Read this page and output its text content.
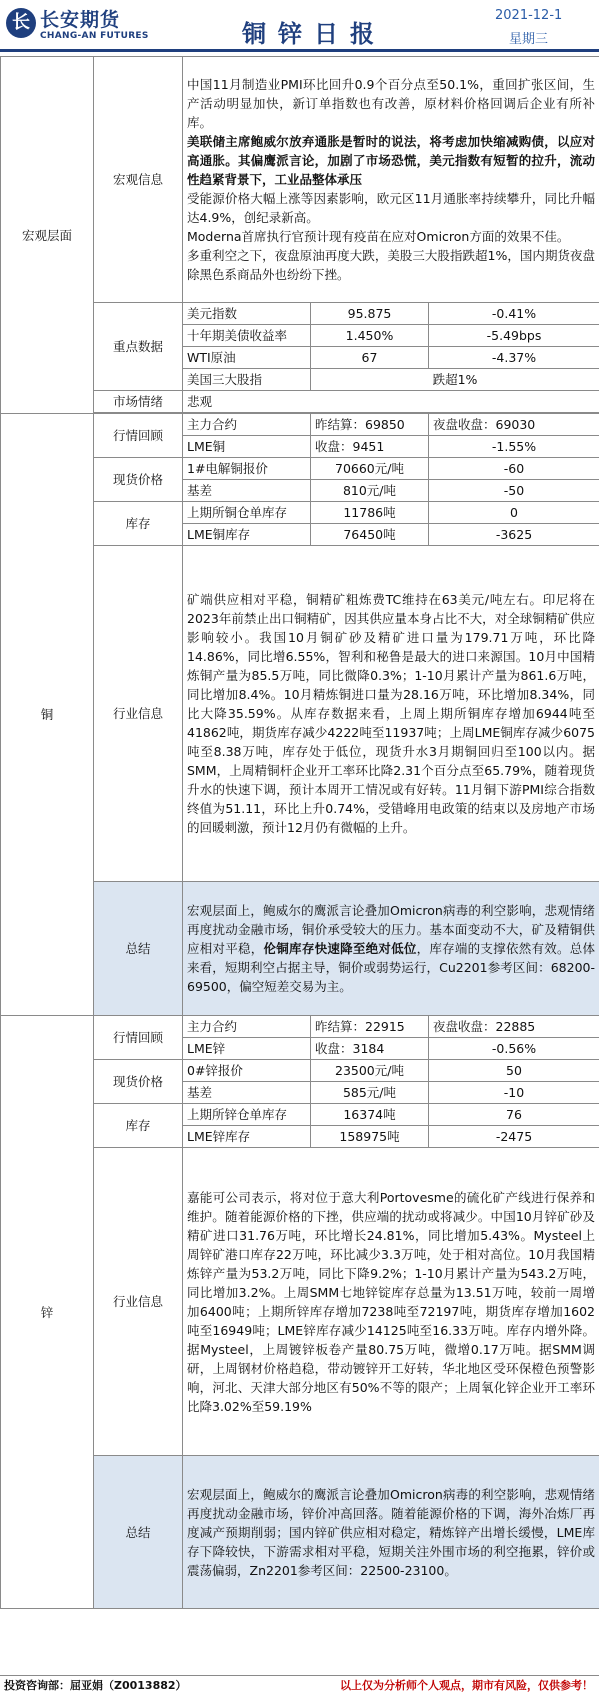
长 长安期货
CHANG-AN FUTURES	铜锌日报
2021-12-1
星期三
宏观层面	宏观信息	中国11月制造业PMI环比回升0.9个百分点至50.1%，重回扩张区间，生产活动明显加快，新订单指数也有改善，原材料价格回调后企业有所补库。
美联储主席鲍威尔放弃通胀是暂时的说法，将考虑加快缩减购债，以应对高通胀。其偏鹰派言论，加剧了市场恐慌，美元指数有短暂的拉升，流动性趋紧背景下，工业品整体承压
受能源价格大幅上涨等因素影响，欧元区11月通胀率持续攀升，同比升幅达4.9%，创纪录新高。
Moderna首席执行官预计现有疫苗在应对Omicron方面的效果不佳。
多重利空之下，夜盘原油再度大跌，美股三大股指跌超1%，国内期货夜盘除黑色系商品外也纷纷下挫。		

	重点数据	美元指数	95.875	-0.41%
		十年期美债收益率	1.450%	-5.49bps
		WTI原油	67	-4.37%
		美国三大股指	跌超1%	
	市场情绪	悲观		

铜	行情回顾	主力合约	昨结算：69850	夜盘收盘：69030
		LME铜	收盘：9451	-1.55%
	现货价格	1#电解铜报价	70660元/吨	-60
		基差	810元/吨	-50
	库存	上期所铜仓单库存	11786吨	0
		LME铜库存	76450吨	-3625
	行业信息	矿端供应相对平稳，铜精矿粗炼费TC维持在63美元/吨左右。印尼将在2023年前禁止出口铜精矿，因其供应量本身占比不大，对全球铜精矿供应影响较小。我国10月铜矿砂及精矿进口量为179.71万吨，环比降14.86%，同比增6.55%，智利和秘鲁是最大的进口来源国。10月中国精炼铜产量为85.5万吨，同比微降0.3%；1-10月累计产量为861.6万吨，同比增加8.4%。10月精炼铜进口量为28.16万吨，环比增加8.34%，同比大降35.59%。从库存数据来看，上周上期所铜库存增加6944吨至41862吨，期货库存减少4222吨至11937吨；上周LME铜库存减少6075吨至8.38万吨，库存处于低位，现货升水3月期铜回归至100以内。据SMM，上周精铜杆企业开工率环比降2.31个百分点至65.79%，随着现货升水的快速下调，预计本周开工情况或有好转。11月铜下游PMI综合指数终值为51.11，环比上升0.74%，受错峰用电政策的结束以及房地产市场的回暖刺激，预计12月仍有微幅的上升。		
	总结	宏观层面上，鲍威尔的鹰派言论叠加Omicron病毒的利空影响，悲观情绪再度扰动金融市场，铜价承受较大的压力。基本面变动不大，矿及精铜供应相对平稳，伦铜库存快速降至绝对低位，库存端的支撑依然有效。总体来看，短期利空占据主导，铜价或弱势运行，Cu2201参考区间：68200-69500，偏空短差交易为主。		
锌	行情回顾	主力合约	昨结算：22915	夜盘收盘：22885
		LME锌	收盘：3184	-0.56%
	现货价格	0#锌报价	23500元/吨	50
		基差	585元/吨	-10
	库存	上期所锌仓单库存	16374吨	76
		LME锌库存	158975吨	-2475
	行业信息	嘉能可公司表示，将对位于意大利Portovesme的硫化矿产线进行保养和维护。随着能源价格的下挫，供应端的扰动或将减少。中国10月锌矿砂及精矿进口31.76万吨，环比增长24.81%，同比增加5.43%。Mysteel上周锌矿港口库存22万吨，环比减少3.3万吨，处于相对高位。10月我国精炼锌产量为53.2万吨，同比下降9.2%；1-10月累计产量为543.2万吨，同比增加3.2%。上周SMM七地锌锭库存总量为13.51万吨，较前一周增加6400吨；上期所锌库存增加7238吨至72197吨，期货库存增加1602吨至16949吨；LME锌库存减少14125吨至16.33万吨。库存内增外降。据Mysteel，上周镀锌板卷产量80.75万吨，微增0.17万吨。据SMM调研，上周钢材价格趋稳，带动镀锌开工好转，华北地区受环保橙色预警影响，河北、天津大部分地区有50%不等的限产；上周氧化锌企业开工率环比降3.02%至59.19%		
	总结	宏观层面上，鲍威尔的鹰派言论叠加Omicron病毒的利空影响，悲观情绪再度扰动金融市场，锌价冲高回落。随着能源价格的下调，海外冶炼厂再度减产预期削弱；国内锌矿供应相对稳定，精炼锌产出增长缓慢，LME库存下降较快，下游需求相对平稳，短期关注外围市场的利空拖累，锌价或震荡偏弱，Zn2201参考区间：22500-23100。		
投资咨询部：屈亚娟（Z0013882）	以上仅为分析师个人观点，期市有风险，仅供参考！
